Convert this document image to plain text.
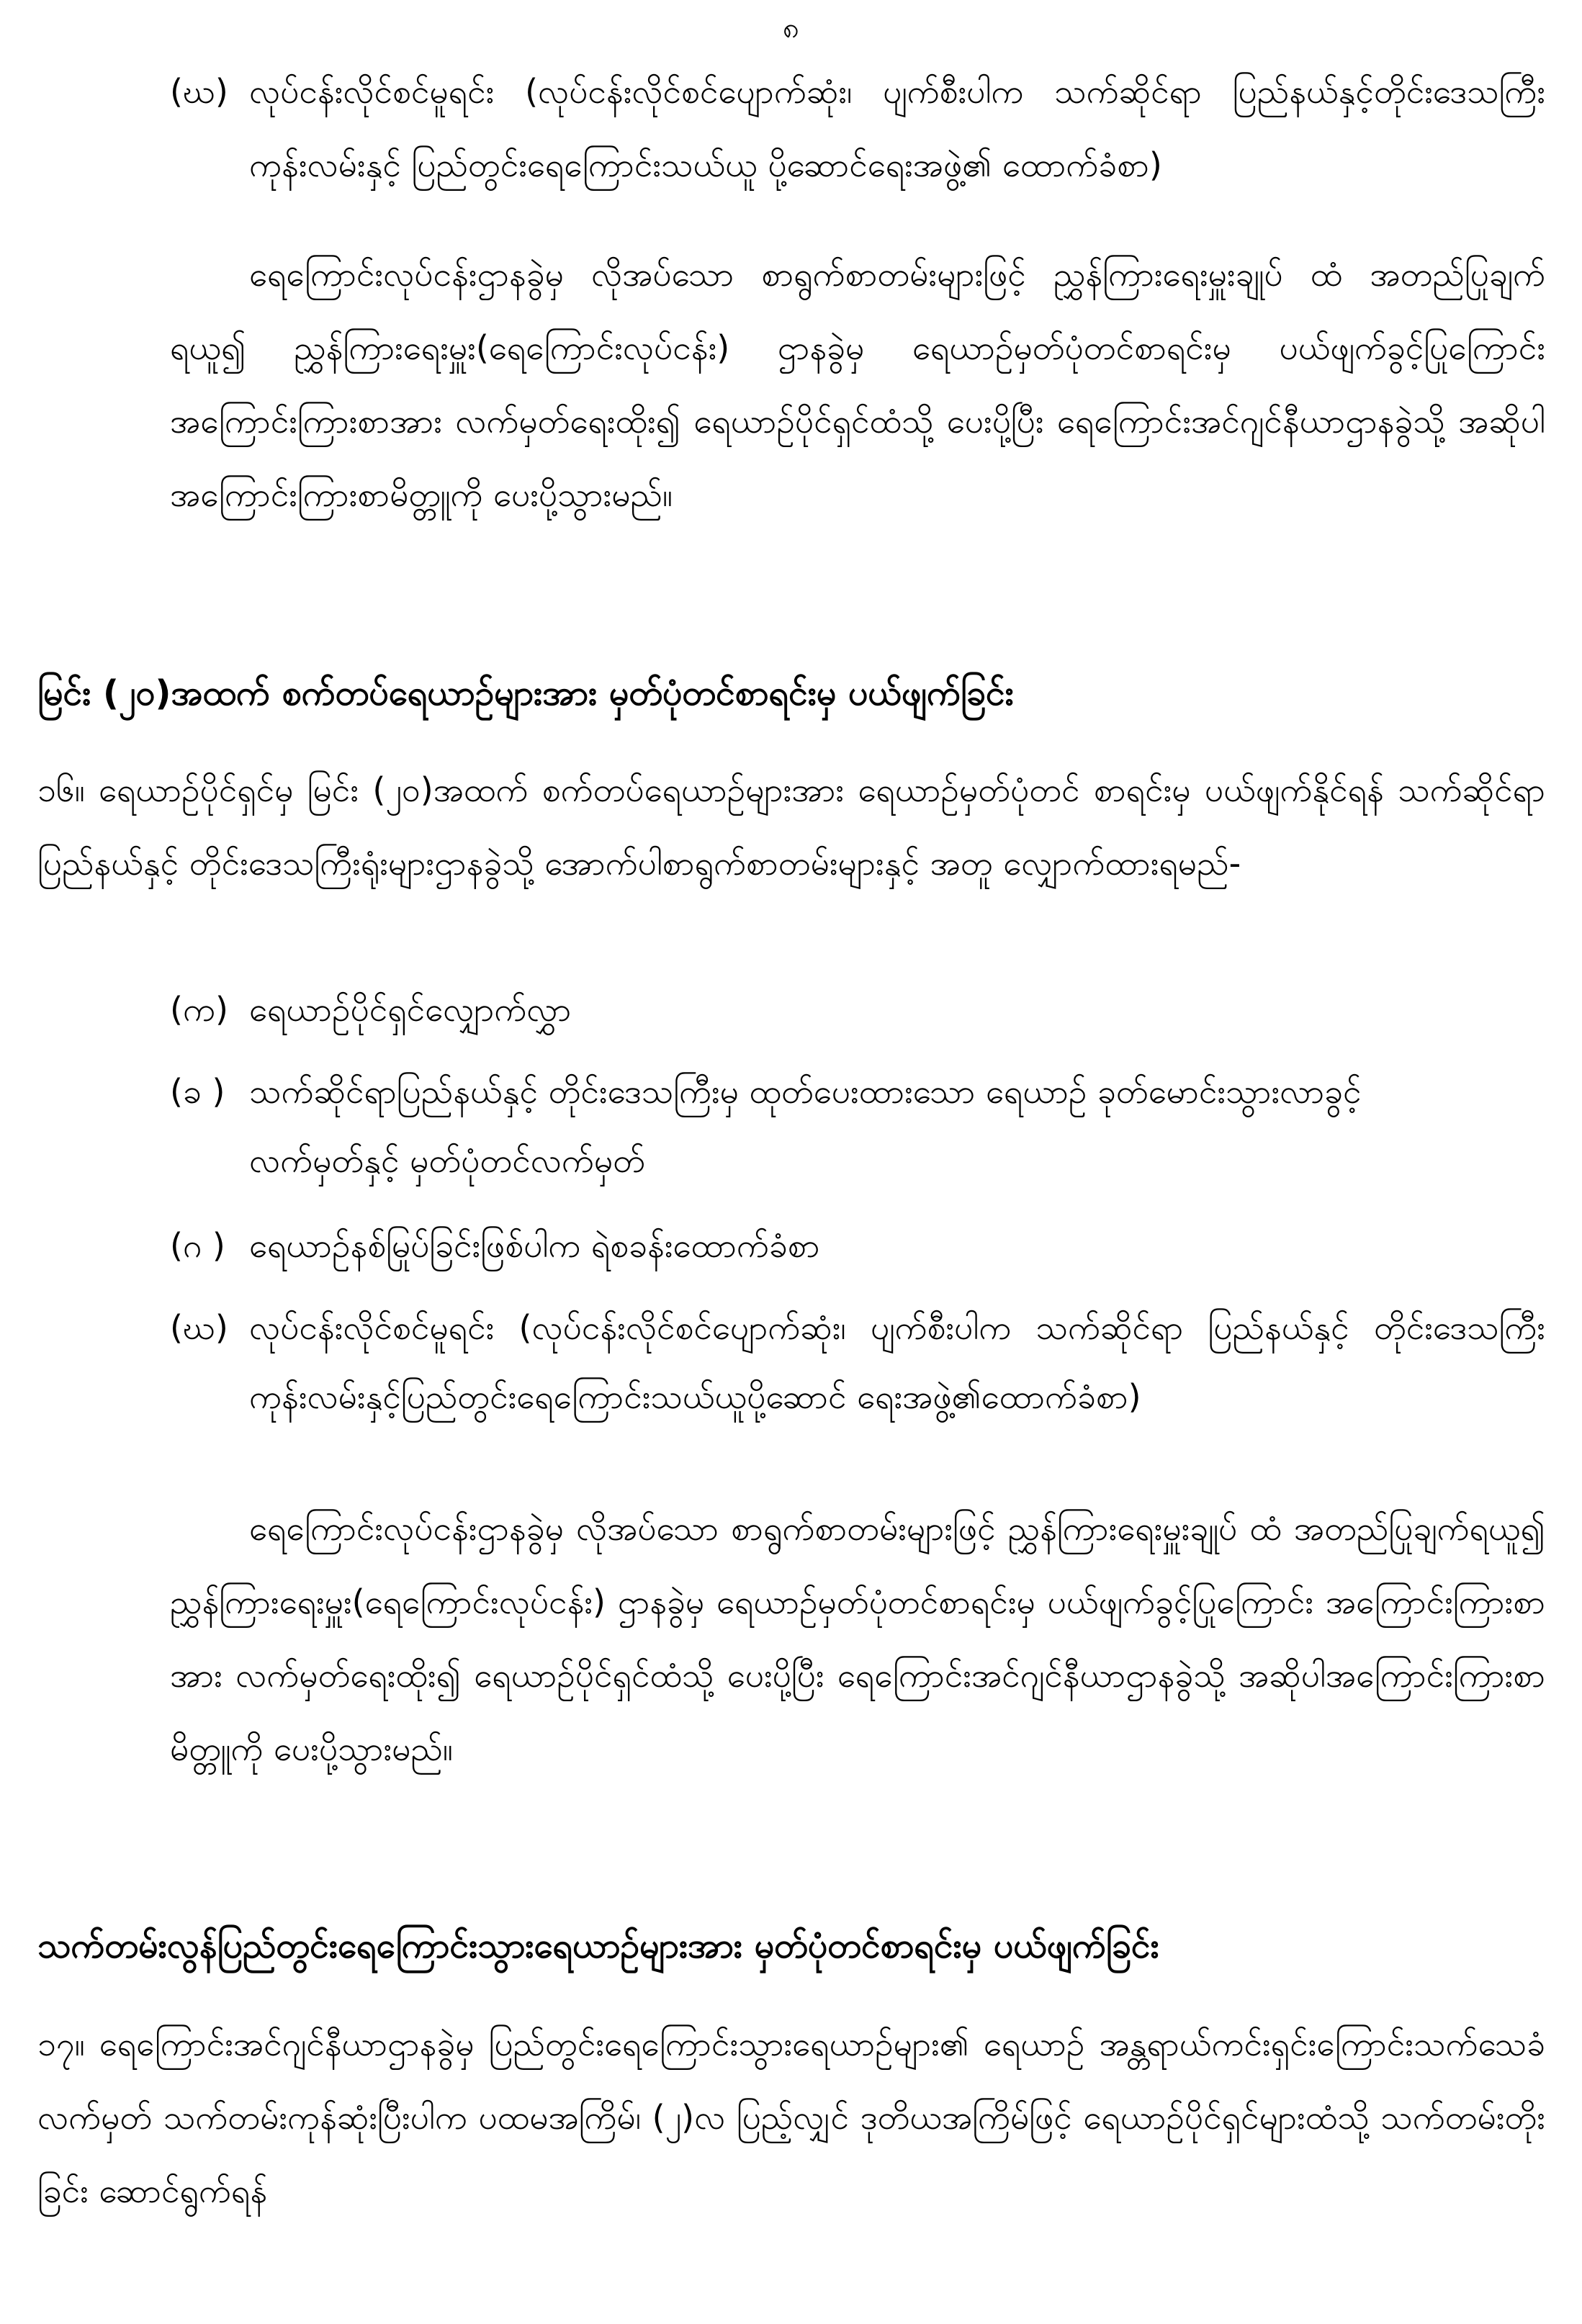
၈
(ဃ) လုပ်ငန်းလိုင်စင်မူရင်း (လုပ်ငန်းလိုင်စင်ပျောက်ဆုံး၊ ပျက်စီးပါက သက်ဆိုင်ရာ ပြည်နယ်နှင့်တိုင်းဒေသကြီး ကုန်းလမ်းနှင့် ပြည်တွင်းရေကြောင်းသယ်ယူ ပို့ဆောင်ရေးအဖွဲ့၏ ထောက်ခံစာ)

ရေကြောင်းလုပ်ငန်းဌာနခွဲမှ လိုအပ်သော စာရွက်စာတမ်းများဖြင့် ညွှန်ကြားရေးမှူးချုပ် ထံ အတည်ပြုချက် ရယူ၍ ညွှန်ကြားရေးမှူး(ရေကြောင်းလုပ်ငန်း) ဌာနခွဲမှ ရေယာဉ်မှတ်ပုံတင်စာရင်းမှ ပယ်ဖျက်ခွင့်ပြုကြောင်း အကြောင်းကြားစာအား လက်မှတ်ရေးထိုး၍ ရေယာဉ်ပိုင်ရှင်ထံသို့ ပေးပို့ပြီး ရေကြောင်းအင်ဂျင်နီယာဌာနခွဲသို့ အဆိုပါအကြောင်းကြားစာမိတ္တူကို ပေးပို့သွားမည်။

မြင်း (၂၀)အထက် စက်တပ်ရေယာဉ်များအား မှတ်ပုံတင်စာရင်းမှ ပယ်ဖျက်ခြင်း

၁၆။ ရေယာဉ်ပိုင်ရှင်မှ မြင်း (၂၀)အထက် စက်တပ်ရေယာဉ်များအား ရေယာဉ်မှတ်ပုံတင် စာရင်းမှ ပယ်ဖျက်နိုင်ရန် သက်ဆိုင်ရာပြည်နယ်နှင့် တိုင်းဒေသကြီးရုံးများဌာနခွဲသို့ အောက်ပါစာရွက်စာတမ်းများနှင့် အတူ လျှောက်ထားရမည်-

(က) ရေယာဉ်ပိုင်ရှင်လျှောက်လွှာ
(ခ ) သက်ဆိုင်ရာပြည်နယ်နှင့် တိုင်းဒေသကြီးမှ ထုတ်ပေးထားသော ရေယာဉ် ခုတ်မောင်းသွားလာခွင့်လက်မှတ်နှင့် မှတ်ပုံတင်လက်မှတ်
(ဂ ) ရေယာဉ်နစ်မြုပ်ခြင်းဖြစ်ပါက ရဲစခန်းထောက်ခံစာ
(ဃ) လုပ်ငန်းလိုင်စင်မူရင်း (လုပ်ငန်းလိုင်စင်ပျောက်ဆုံး၊ ပျက်စီးပါက သက်ဆိုင်ရာ ပြည်နယ်နှင့် တိုင်းဒေသကြီး ကုန်းလမ်းနှင့်ပြည်တွင်းရေကြောင်းသယ်ယူပို့ဆောင် ရေးအဖွဲ့၏ထောက်ခံစာ)

ရေကြောင်းလုပ်ငန်းဌာနခွဲမှ လိုအပ်သော စာရွက်စာတမ်းများဖြင့် ညွှန်ကြားရေးမှူးချုပ် ထံ အတည်ပြုချက်ရယူ၍ ညွှန်ကြားရေးမှူး(ရေကြောင်းလုပ်ငန်း) ဌာနခွဲမှ ရေယာဉ်မှတ်ပုံတင်စာရင်းမှ ပယ်ဖျက်ခွင့်ပြုကြောင်း အကြောင်းကြားစာအား လက်မှတ်ရေးထိုး၍ ရေယာဉ်ပိုင်ရှင်ထံသို့ ပေးပို့ပြီး ရေကြောင်းအင်ဂျင်နီယာဌာနခွဲသို့ အဆိုပါအကြောင်းကြားစာမိတ္တူကို ပေးပို့သွားမည်။

သက်တမ်းလွန်ပြည်တွင်းရေကြောင်းသွားရေယာဉ်များအား မှတ်ပုံတင်စာရင်းမှ ပယ်ဖျက်ခြင်း

၁၇။ ရေကြောင်းအင်ဂျင်နီယာဌာနခွဲမှ ပြည်တွင်းရေကြောင်းသွားရေယာဉ်များ၏ ရေယာဉ် အန္တရာယ်ကင်းရှင်းကြောင်းသက်သေခံလက်မှတ် သက်တမ်းကုန်ဆုံးပြီးပါက ပထမအကြိမ်၊ (၂)လ ပြည့်လျှင် ဒုတိယအကြိမ်ဖြင့် ရေယာဉ်ပိုင်ရှင်များထံသို့ သက်တမ်းတိုးခြင်း ဆောင်ရွက်ရန်
